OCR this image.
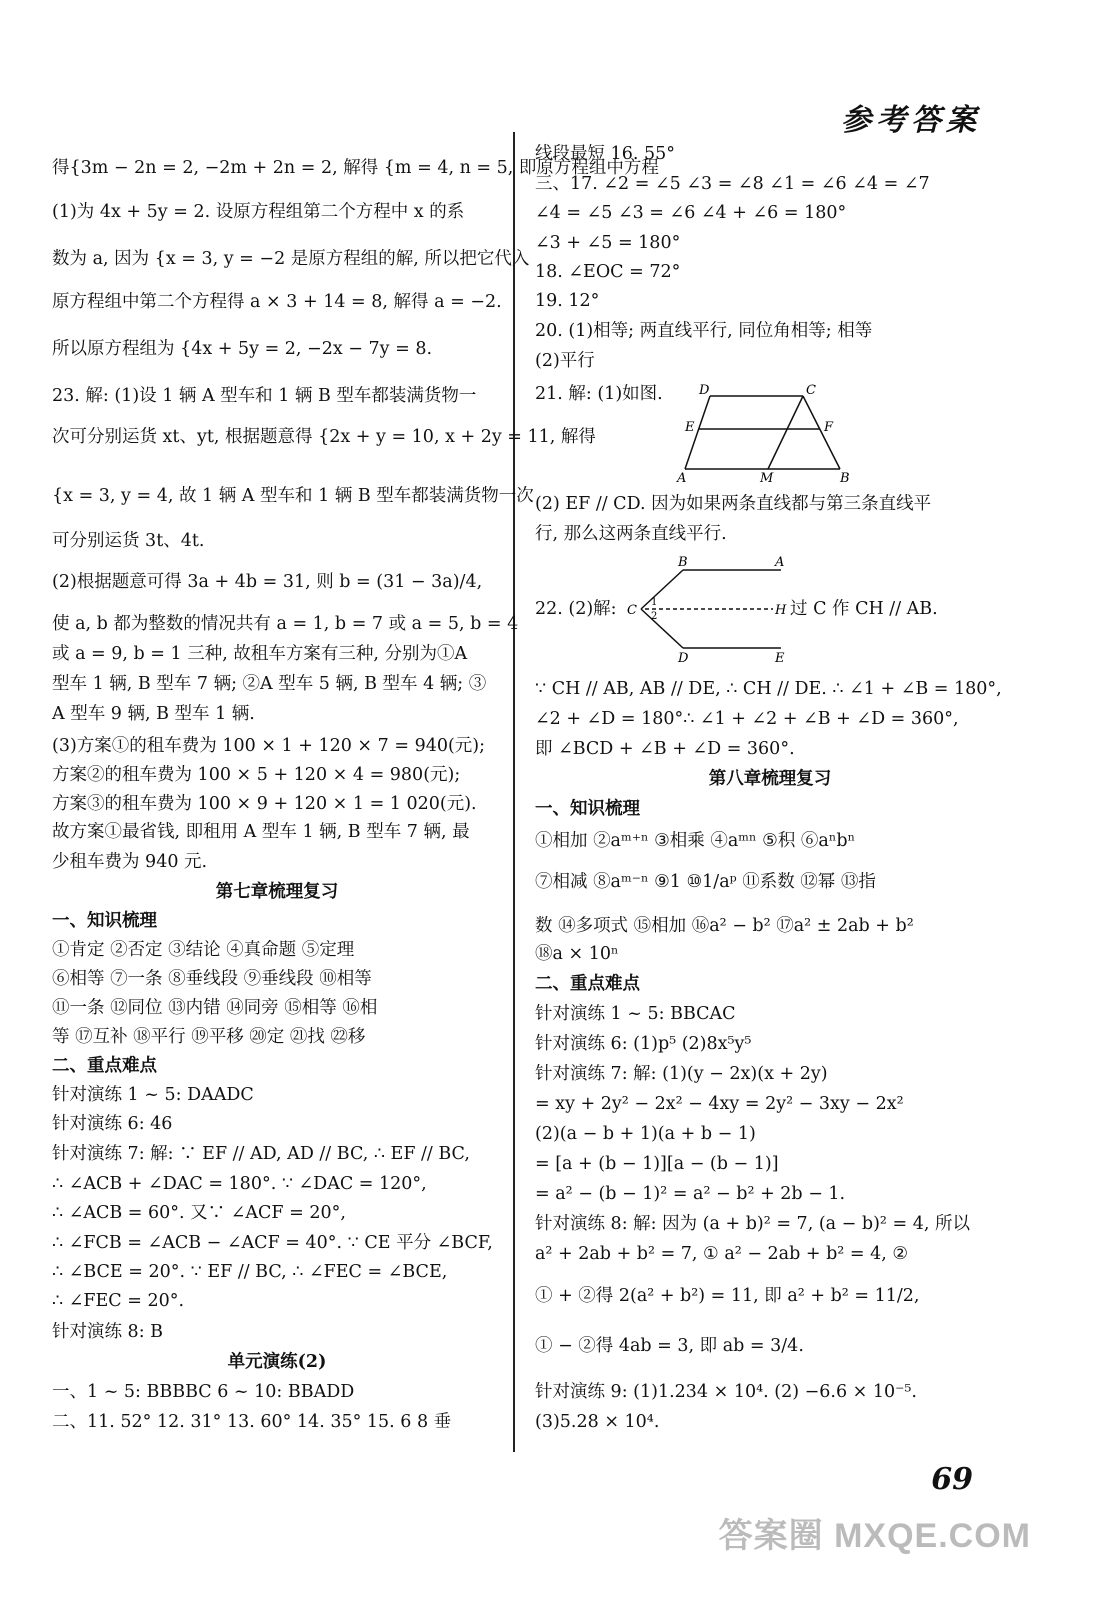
参考答案
得{3m − 2n = 2, −2m + 2n = 2, 解得 {m = 4, n = 5, 即原方程组中方程
(1)为 4x + 5y = 2. 设原方程组第二个方程中 x 的系
数为 a, 因为 {x = 3, y = −2 是原方程组的解, 所以把它代入
原方程组中第二个方程得 a × 3 + 14 = 8, 解得 a = −2.
所以原方程组为 {4x + 5y = 2, −2x − 7y = 8.
23. 解: (1)设 1 辆 A 型车和 1 辆 B 型车都装满货物一
次可分别运货 xt、yt, 根据题意得 {2x + y = 10, x + 2y = 11, 解得
{x = 3, y = 4, 故 1 辆 A 型车和 1 辆 B 型车都装满货物一次
可分别运货 3t、4t.
(2)根据题意可得 3a + 4b = 31, 则 b = (31 − 3a)/4,
使 a, b 都为整数的情况共有 a = 1, b = 7 或 a = 5, b = 4
或 a = 9, b = 1 三种, 故租车方案有三种, 分别为①A
型车 1 辆, B 型车 7 辆; ②A 型车 5 辆, B 型车 4 辆; ③
A 型车 9 辆, B 型车 1 辆.
(3)方案①的租车费为 100 × 1 + 120 × 7 = 940(元);
方案②的租车费为 100 × 5 + 120 × 4 = 980(元);
方案③的租车费为 100 × 9 + 120 × 1 = 1 020(元).
故方案①最省钱, 即租用 A 型车 1 辆, B 型车 7 辆, 最
少租车费为 940 元.
第七章梳理复习
一、知识梳理
①肯定 ②否定 ③结论 ④真命题 ⑤定理
⑥相等 ⑦一条 ⑧垂线段 ⑨垂线段 ⑩相等
⑪一条 ⑫同位 ⑬内错 ⑭同旁 ⑮相等 ⑯相
等 ⑰互补 ⑱平行 ⑲平移 ⑳定 ㉑找 ㉒移
二、重点难点
针对演练 1 ~ 5: DAADC
针对演练 6: 46
针对演练 7: 解: ∵ EF // AD, AD // BC, ∴ EF // BC,
∴ ∠ACB + ∠DAC = 180°. ∵ ∠DAC = 120°,
∴ ∠ACB = 60°. 又∵ ∠ACF = 20°,
∴ ∠FCB = ∠ACB − ∠ACF = 40°. ∵ CE 平分 ∠BCF,
∴ ∠BCE = 20°. ∵ EF // BC, ∴ ∠FEC = ∠BCE,
∴ ∠FEC = 20°.
针对演练 8: B
单元演练(2)
一、1 ~ 5: BBBBC 6 ~ 10: BBADD
二、11. 52° 12. 31° 13. 60° 14. 35° 15. 6 8 垂
线段最短 16. 55°
三、17. ∠2 = ∠5 ∠3 = ∠8 ∠1 = ∠6 ∠4 = ∠7
∠4 = ∠5 ∠3 = ∠6 ∠4 + ∠6 = 180°
∠3 + ∠5 = 180°
18. ∠EOC = 72°
19. 12°
20. (1)相等; 两直线平行, 同位角相等; 相等
(2)平行
21. 解: (1)如图.	D	C
E	F
A	M	B
(2) EF // CD. 因为如果两条直线都与第三条直线平
行, 那么这两条直线平行.
22. (2)解:
B	A
C	H
D	E
1
2	过 C 作 CH // AB.
∵ CH // AB, AB // DE, ∴ CH // DE. ∴ ∠1 + ∠B = 180°,
∠2 + ∠D = 180°∴ ∠1 + ∠2 + ∠B + ∠D = 360°,
即 ∠BCD + ∠B + ∠D = 360°.
第八章梳理复习
一、知识梳理
①相加 ②aᵐ⁺ⁿ ③相乘 ④aᵐⁿ ⑤积 ⑥aⁿbⁿ
⑦相减 ⑧aᵐ⁻ⁿ ⑨1 ⑩1/aᵖ ⑪系数 ⑫幂 ⑬指
数 ⑭多项式 ⑮相加 ⑯a² − b² ⑰a² ± 2ab + b²
⑱a × 10ⁿ
二、重点难点
针对演练 1 ~ 5: BBCAC
针对演练 6: (1)p⁵ (2)8x⁵y⁵
针对演练 7: 解: (1)(y − 2x)(x + 2y)
= xy + 2y² − 2x² − 4xy = 2y² − 3xy − 2x²
(2)(a − b + 1)(a + b − 1)
= [a + (b − 1)][a − (b − 1)]
= a² − (b − 1)² = a² − b² + 2b − 1.
针对演练 8: 解: 因为 (a + b)² = 7, (a − b)² = 4, 所以
a² + 2ab + b² = 7, ① a² − 2ab + b² = 4, ②
① + ②得 2(a² + b²) = 11, 即 a² + b² = 11/2,
① − ②得 4ab = 3, 即 ab = 3/4.
针对演练 9: (1)1.234 × 10⁴. (2) −6.6 × 10⁻⁵.
(3)5.28 × 10⁴.
69
答案圈 MXQE.COM
